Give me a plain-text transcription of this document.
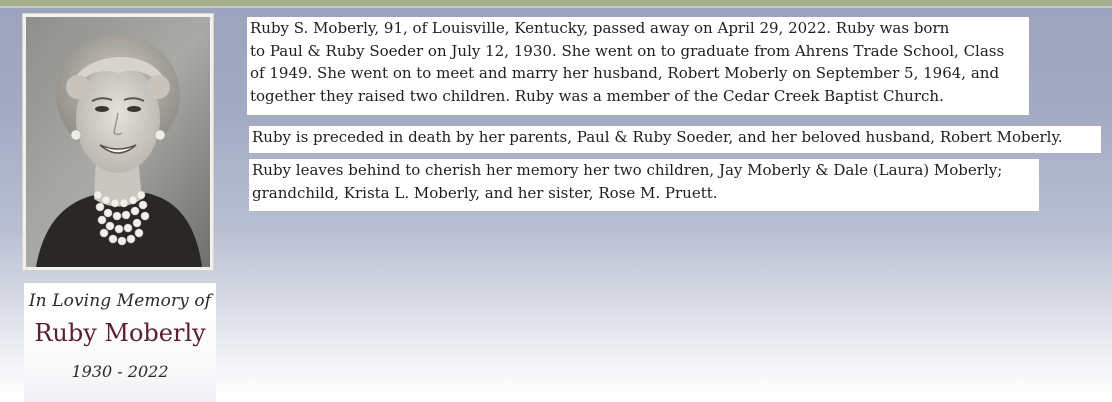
In Loving Memory of
Ruby Moberly
1930 - 2022
Ruby S. Moberly, 91, of Louisville, Kentucky, passed away on April 29, 2022. Ruby was born
to Paul & Ruby Soeder on July 12, 1930. She went on to graduate from Ahrens Trade School, Class
of 1949. She went on to meet and marry her husband, Robert Moberly on September 5, 1964, and
together they raised two children. Ruby was a member of the Cedar Creek Baptist Church.
Ruby is preceded in death by her parents, Paul & Ruby Soeder, and her beloved husband, Robert Moberly.
Ruby leaves behind to cherish her memory her two children, Jay Moberly & Dale (Laura) Moberly;
grandchild, Krista L. Moberly, and her sister, Rose M. Pruett.
